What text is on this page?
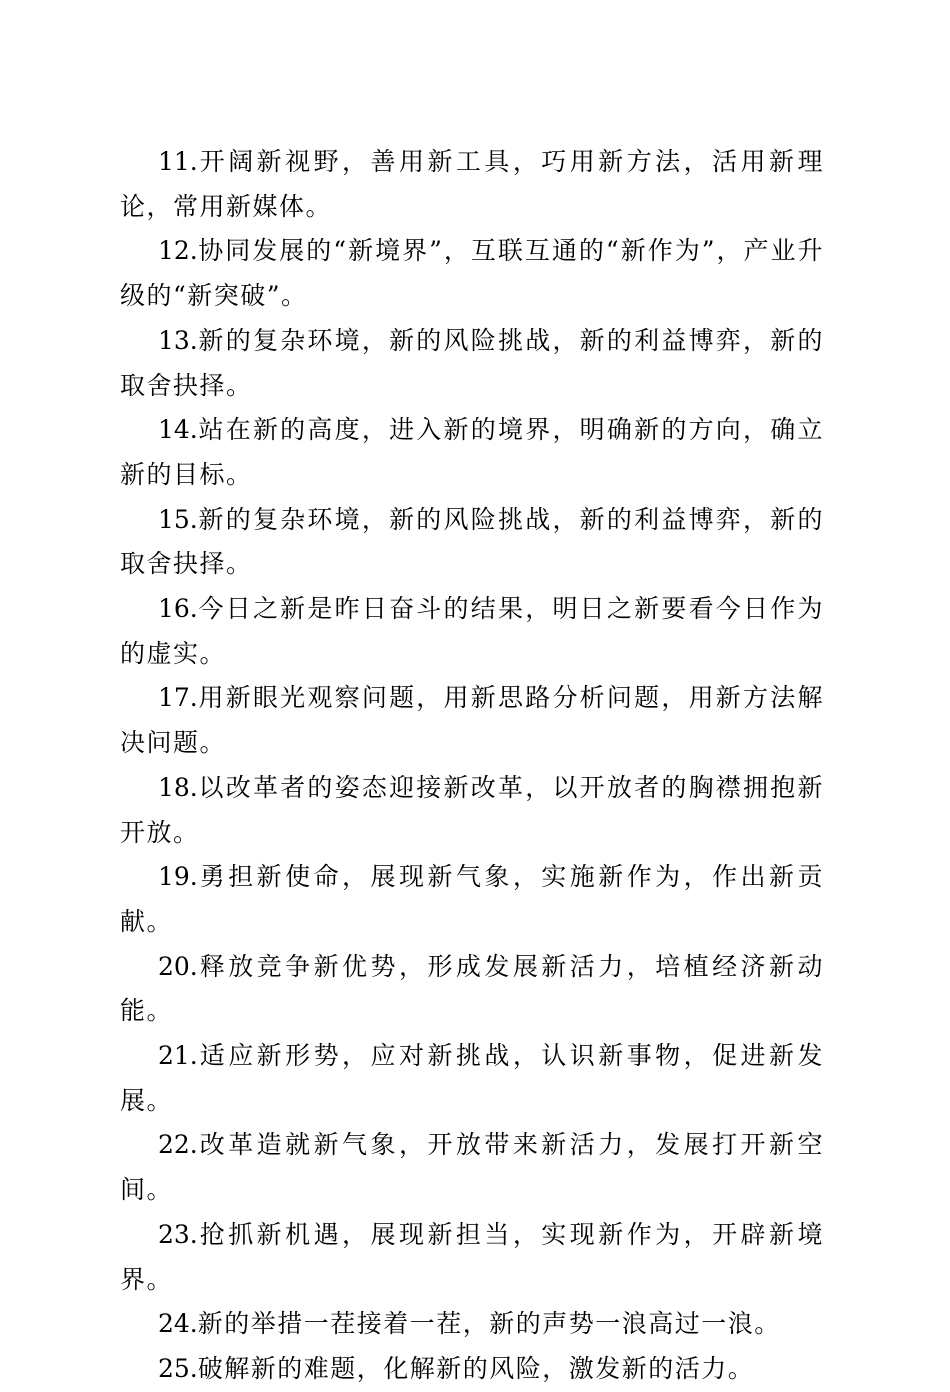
11.开阔新视野，善用新工具，巧用新方法，活用新理论，常用新媒体。

12.协同发展的“新境界”，互联互通的“新作为”，产业升级的“新突破”。

13.新的复杂环境，新的风险挑战，新的利益博弈，新的取舍抉择。

14.站在新的高度，进入新的境界，明确新的方向，确立新的目标。

15.新的复杂环境，新的风险挑战，新的利益博弈，新的取舍抉择。

16.今日之新是昨日奋斗的结果，明日之新要看今日作为的虚实。

17.用新眼光观察问题，用新思路分析问题，用新方法解决问题。

18.以改革者的姿态迎接新改革，以开放者的胸襟拥抱新开放。

19.勇担新使命，展现新气象，实施新作为，作出新贡献。

20.释放竞争新优势，形成发展新活力，培植经济新动能。

21.适应新形势，应对新挑战，认识新事物，促进新发展。

22.改革造就新气象，开放带来新活力，发展打开新空间。

23.抢抓新机遇，展现新担当，实现新作为，开辟新境界。

24.新的举措一茬接着一茬，新的声势一浪高过一浪。

25.破解新的难题，化解新的风险，激发新的活力。
